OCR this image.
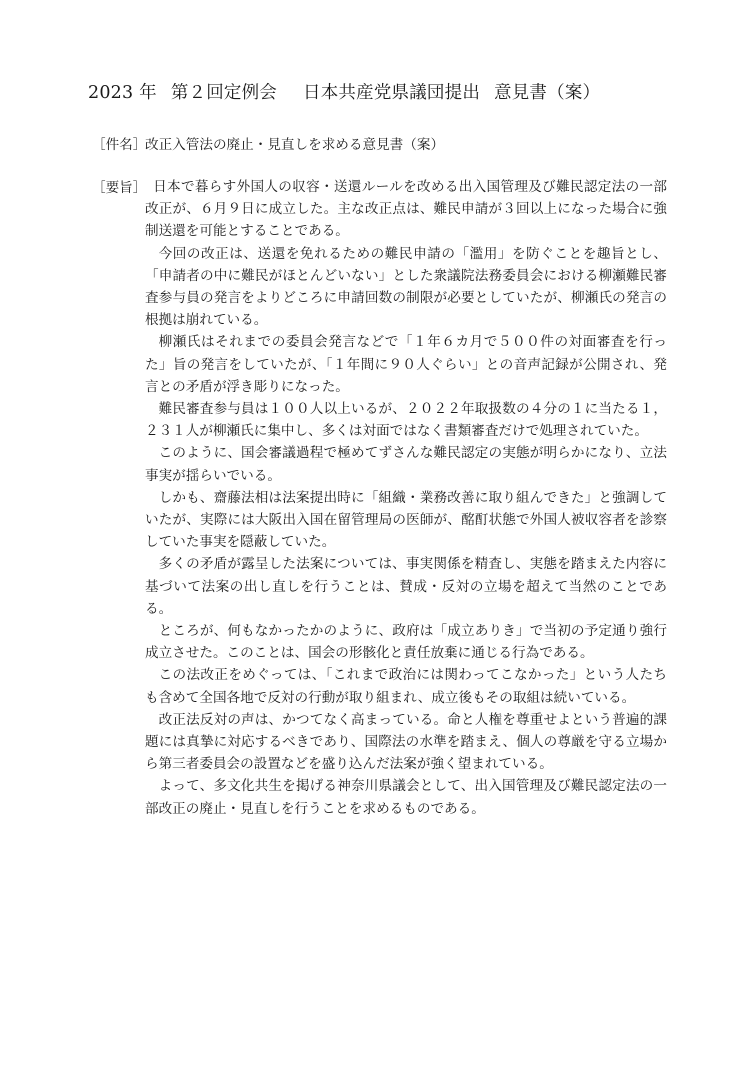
2023 年 第２回定例会 日本共産党県議団提出 意見書（案）
［件名］
改正入管法の廃止・見直しを求める意見書（案）
［要旨］ 日本で暮らす外国人の収容・送還ルールを改める出入国管理及び難民認定法の一部改正が、６月９日に成立した。主な改正点は、難民申請が３回以上になった場合に強制送還を可能とすることである。

今回の改正は、送還を免れるための難民申請の「濫用」を防ぐことを趣旨とし、「申請者の中に難民がほとんどいない」とした衆議院法務委員会における柳瀬難民審査参与員の発言をよりどころに申請回数の制限が必要としていたが、柳瀬氏の発言の根拠は崩れている。

柳瀬氏はそれまでの委員会発言などで「１年６カ月で５００件の対面審査を行った」旨の発言をしていたが、「１年間に９０人ぐらい」との音声記録が公開され、発言との矛盾が浮き彫りになった。

難民審査参与員は１００人以上いるが、２０２２年取扱数の４分の１に当たる１，２３１人が柳瀬氏に集中し、多くは対面ではなく書類審査だけで処理されていた。

このように、国会審議過程で極めてずさんな難民認定の実態が明らかになり、立法事実が揺らいでいる。

しかも、齋藤法相は法案提出時に「組織・業務改善に取り組んできた」と強調していたが、実際には大阪出入国在留管理局の医師が、酩酊状態で外国人被収容者を診察していた事実を隠蔽していた。

多くの矛盾が露呈した法案については、事実関係を精査し、実態を踏まえた内容に基づいて法案の出し直しを行うことは、賛成・反対の立場を超えて当然のことである。

ところが、何もなかったかのように、政府は「成立ありき」で当初の予定通り強行成立させた。このことは、国会の形骸化と責任放棄に通じる行為である。

この法改正をめぐっては、「これまで政治には関わってこなかった」という人たちも含めて全国各地で反対の行動が取り組まれ、成立後もその取組は続いている。

改正法反対の声は、かつてなく高まっている。命と人権を尊重せよという普遍的課題には真摯に対応するべきであり、国際法の水準を踏まえ、個人の尊厳を守る立場から第三者委員会の設置などを盛り込んだ法案が強く望まれている。

よって、多文化共生を掲げる神奈川県議会として、出入国管理及び難民認定法の一部改正の廃止・見直しを行うことを求めるものである。
